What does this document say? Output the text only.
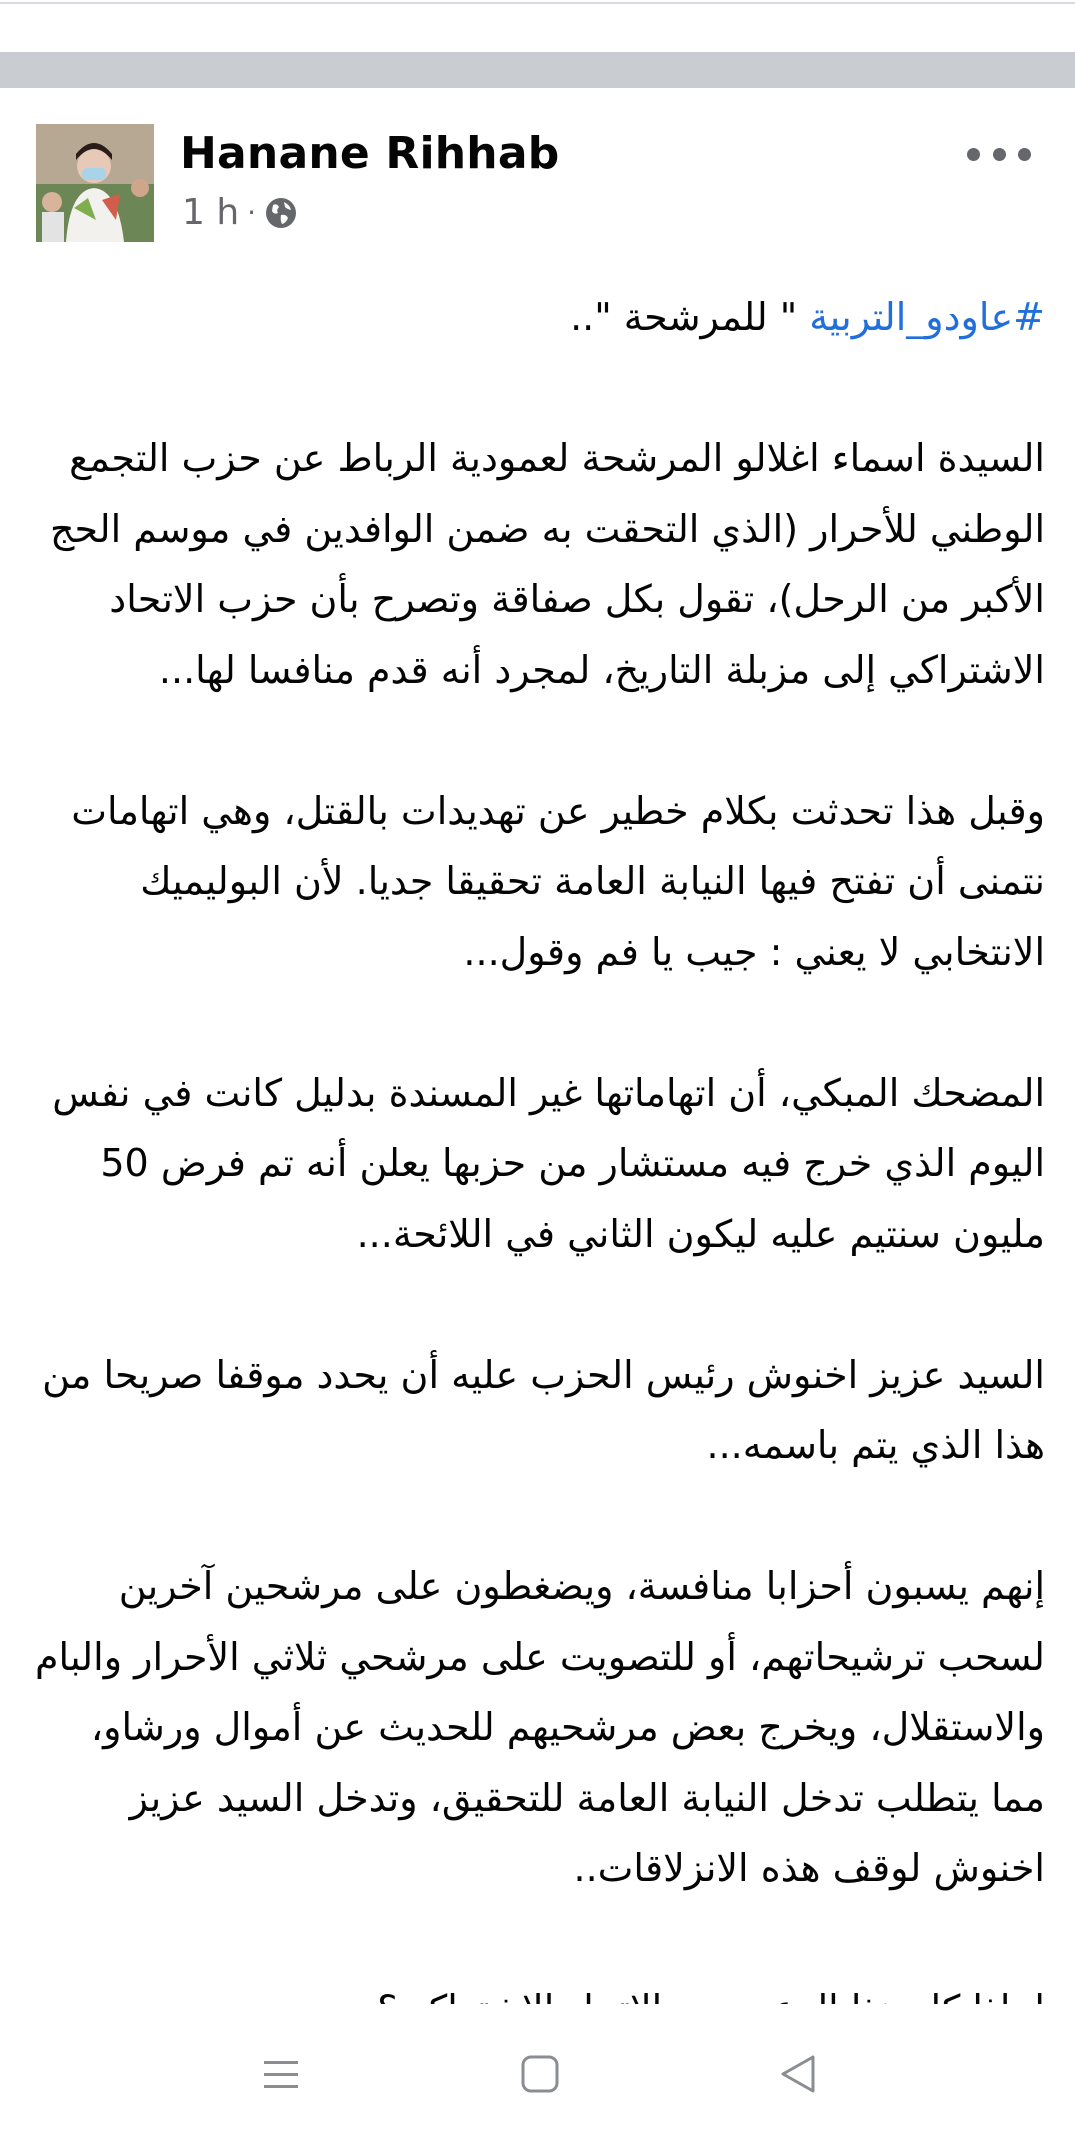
Hanane Rihhab
1 h ·

#عاودو_التربية " للمرشحة "..

السيدة اسماء اغلالو المرشحة لعمودية الرباط عن حزب التجمع الوطني للأحرار (الذي التحقت به ضمن الوافدين في موسم الحج الأكبر من الرحل)، تقول بكل صفاقة وتصرح بأن حزب الاتحاد الاشتراكي إلى مزبلة التاريخ، لمجرد أنه قدم منافسا لها...

وقبل هذا تحدثت بكلام خطير عن تهديدات بالقتل، وهي اتهامات نتمنى أن تفتح فيها النيابة العامة تحقيقا جديا. لأن البوليميك الانتخابي لا يعني : جيب يا فم وقول...

المضحك المبكي، أن اتهاماتها غير المسندة بدليل كانت في نفس اليوم الذي خرج فيه مستشار من حزبها يعلن أنه تم فرض 50 مليون سنتيم عليه ليكون الثاني في اللائحة...

السيد عزيز اخنوش رئيس الحزب عليه أن يحدد موقفا صريحا من هذا الذي يتم باسمه...

إنهم يسبون أحزابا منافسة، ويضغطون على مرشحين آخرين لسحب ترشيحاتهم، أو للتصويت على مرشحي ثلاثي الأحرار والبام والاستقلال، ويخرج بعض مرشحيهم للحديث عن أموال ورشاو، مما يتطلب تدخل النيابة العامة للتحقيق، وتدخل السيد عزيز اخنوش لوقف هذه الانزلاقات..
